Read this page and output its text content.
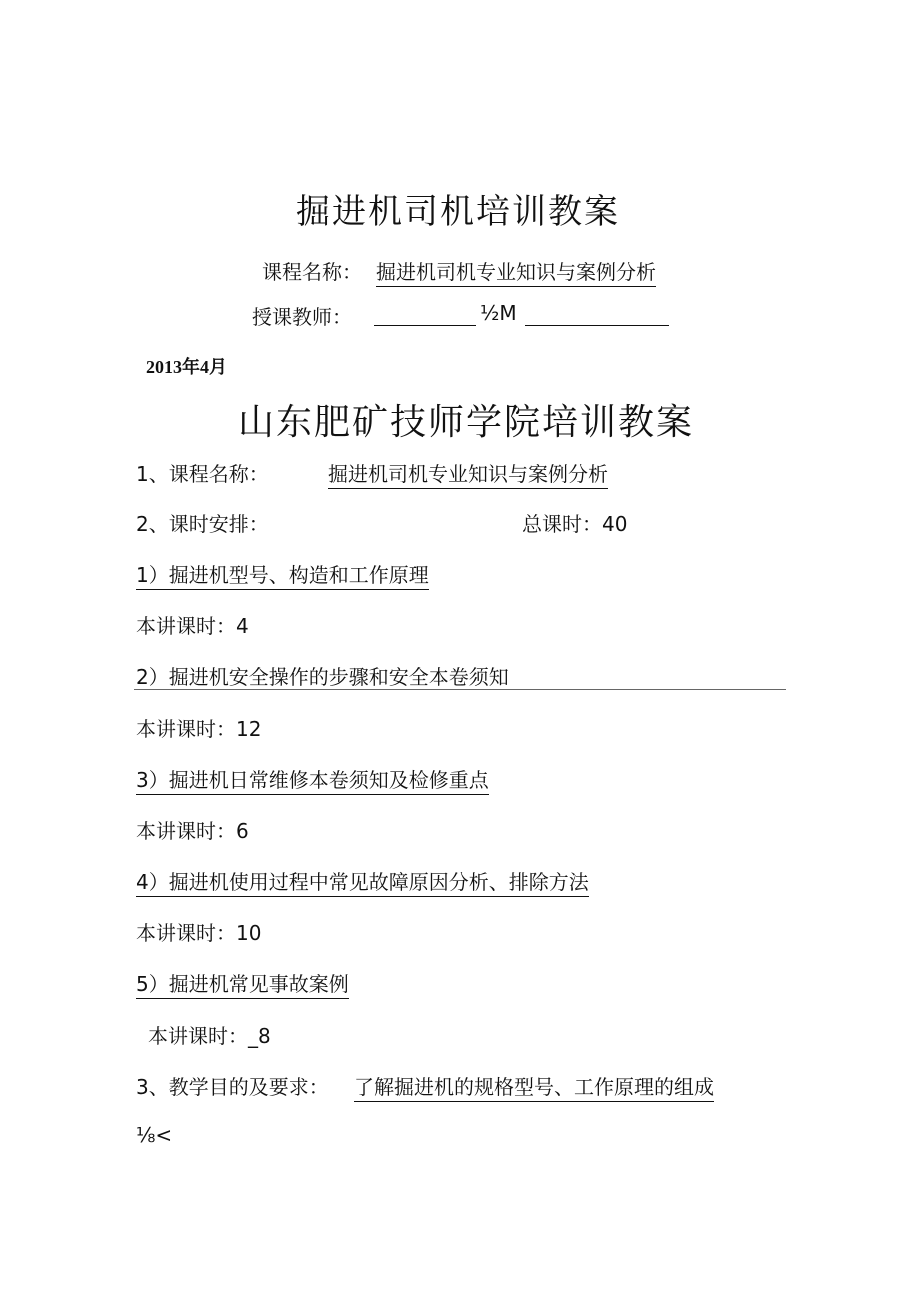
掘进机司机培训教案
课程名称： 掘进机司机专业知识与案例分析
授课教师：	½M
2013年4月
山东肥矿技师学院培训教案
1、课程名称：	掘进机司机专业知识与案例分析
2、课时安排：	总课时：40
1）掘进机型号、构造和工作原理
本讲课时：4
2）掘进机安全操作的步骤和安全本卷须知
本讲课时：12
3）掘进机日常维修本卷须知及检修重点
本讲课时：6
4）掘进机使用过程中常见故障原因分析、排除方法
本讲课时：10
5）掘进机常见事故案例
本讲课时：_8
3、教学目的及要求： 了解掘进机的规格型号、工作原理的组成
⅛<
